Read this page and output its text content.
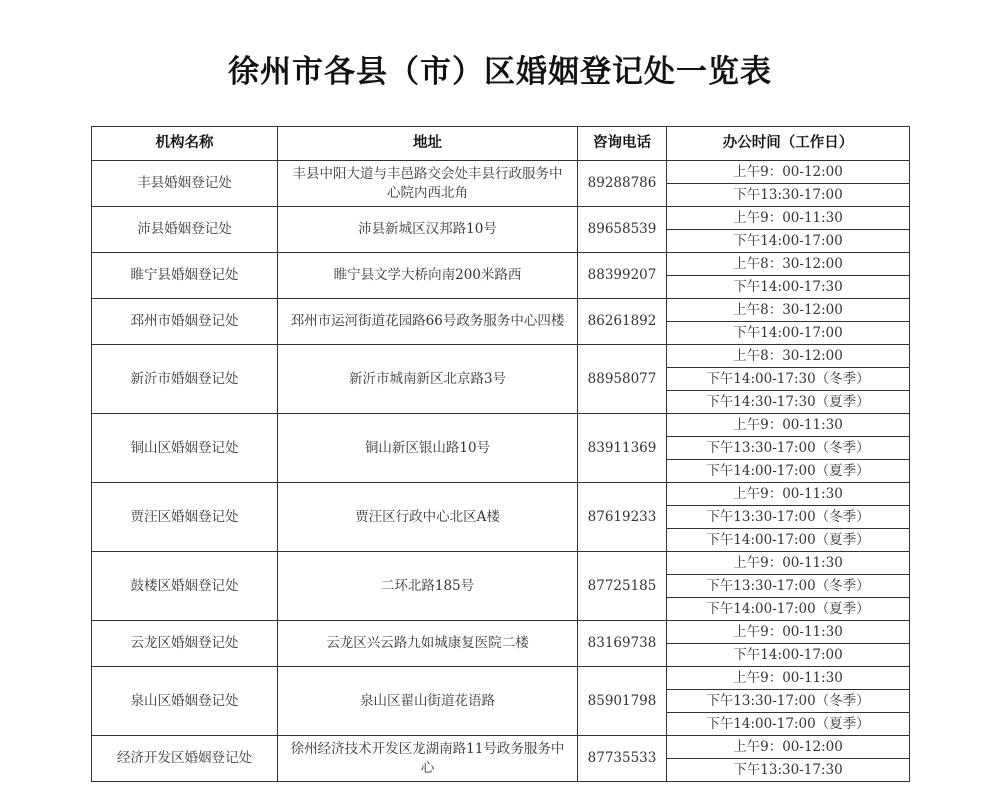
徐州市各县（市）区婚姻登记处一览表
机构名称	地址	咨询电话	办公时间（工作日）
丰县婚姻登记处	丰县中阳大道与丰邑路交会处丰县行政服务中心院内西北角	89288786	上午9：00-12:00
			下午13:30-17:00
沛县婚姻登记处	沛县新城区汉邦路10号	89658539	上午9：00-11:30
			下午14:00-17:00
睢宁县婚姻登记处	睢宁县文学大桥向南200米路西	88399207	上午8：30-12:00
			下午14:00-17:30
邳州市婚姻登记处	邳州市运河街道花园路66号政务服务中心四楼	86261892	上午8：30-12:00
			下午14:00-17:00
新沂市婚姻登记处	新沂市城南新区北京路3号	88958077	上午8：30-12:00
			下午14:00-17:30（冬季）
			下午14:30-17:30（夏季）
铜山区婚姻登记处	铜山新区银山路10号	83911369	上午9：00-11:30
			下午13:30-17:00（冬季）
			下午14:00-17:00（夏季）
贾汪区婚姻登记处	贾汪区行政中心北区A楼	87619233	上午9：00-11:30
			下午13:30-17:00（冬季）
			下午14:00-17:00（夏季）
鼓楼区婚姻登记处	二环北路185号	87725185	上午9：00-11:30
			下午13:30-17:00（冬季）
			下午14:00-17:00（夏季）
云龙区婚姻登记处	云龙区兴云路九如城康复医院二楼	83169738	上午9：00-11:30
			下午14:00-17:00
泉山区婚姻登记处	泉山区翟山街道花语路	85901798	上午9：00-11:30
			下午13:30-17:00（冬季）
			下午14:00-17:00（夏季）
经济开发区婚姻登记处	徐州经济技术开发区龙湖南路11号政务服务中心	87735533	上午9：00-12:00
			下午13:30-17:30
